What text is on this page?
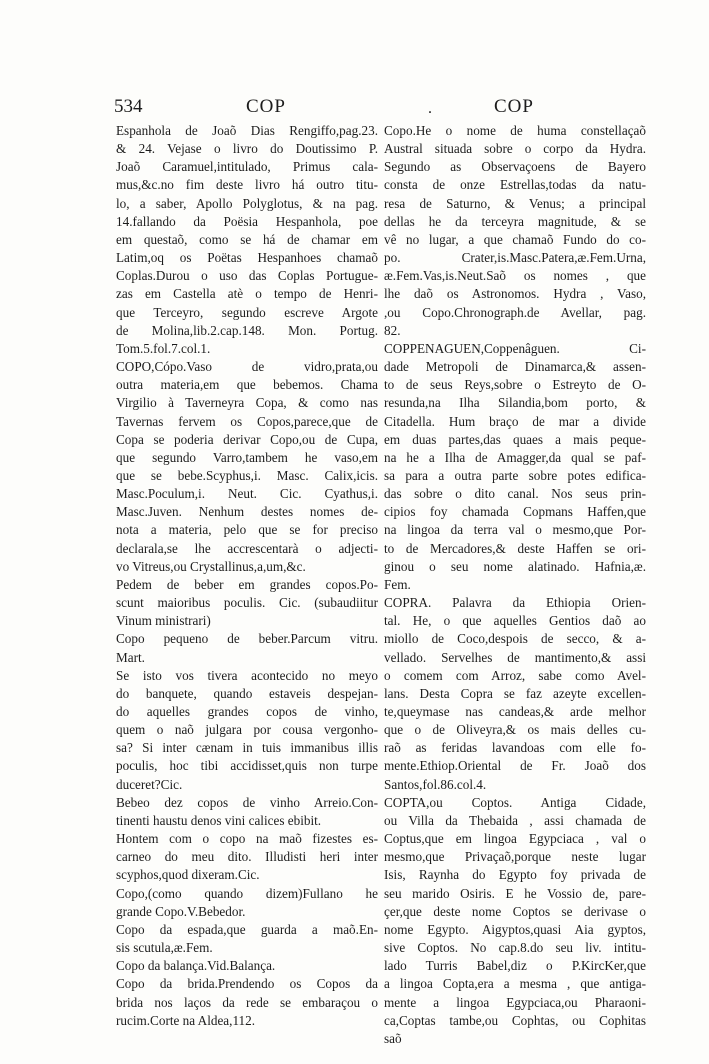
534	COP	.	COP
Espanhola de Joaõ Dias Rengiffo,pag.23.
& 24. Vejase o livro do Doutissimo P.
Joaõ Caramuel,intitulado, Primus cala-
mus,&c.no fim deste livro há outro titu-
lo, a saber, Apollo Polyglotus, & na pag.
14.fallando da Poësia Hespanhola, poe
em questaõ, como se há de chamar em
Latim,oq os Poëtas Hespanhoes chamaõ
Coplas.Durou o uso das Coplas Portugue-
zas em Castella atè o tempo de Henri-
que Terceyro, segundo escreve Argote
de Molina,lib.2.cap.148. Mon. Portug.
Tom.5.fol.7.col.1.
COPO,Cópo.Vaso de vidro,prata,ou
outra materia,em que bebemos. Chama
Virgilio à Taverneyra Copa, & como nas
Tavernas fervem os Copos,parece,que de
Copa se poderia derivar Copo,ou de Cupa,
que segundo Varro,tambem he vaso,em
que se bebe.Scyphus,i. Masc. Calix,icis.
Masc.Poculum,i. Neut. Cic. Cyathus,i.
Masc.Juven. Nenhum destes nomes de-
nota a materia, pelo que se for preciso
declarala,se lhe accrescentarà o adjecti-
vo Vitreus,ou Crystallinus,a,um,&c.
Pedem de beber em grandes copos.Po-
scunt maioribus poculis. Cic. (subaudiitur
Vinum ministrari)
Copo pequeno de beber.Parcum vitru.
Mart.
Se isto vos tivera acontecido no meyo
do banquete, quando estaveis despejan-
do aquelles grandes copos de vinho,
quem o naõ julgara por cousa vergonho-
sa? Si inter cænam in tuis immanibus illis
poculis, hoc tibi accidisset,quis non turpe
duceret?Cic.
Bebeo dez copos de vinho Arreio.Con-
tinenti haustu denos vini calices ebibit.
Hontem com o copo na maõ fizestes es-
carneo do meu dito. Illudisti heri inter
scyphos,quod dixeram.Cic.
Copo,(como quando dizem)Fullano he
grande Copo.V.Bebedor.
Copo da espada,que guarda a maõ.En-
sis scutula,æ.Fem.
Copo da balança.Vid.Balança.
Copo da brida.Prendendo os Copos da
brida nos laços da rede se embaraçou o
rucim.Corte na Aldea,112.
Copo.He o nome de huma constellaçaõ
Austral situada sobre o corpo da Hydra.
Segundo as Observaçoens de Bayero
consta de onze Estrellas,todas da natu-
resa de Saturno, & Venus; a principal
dellas he da terceyra magnitude, & se
vê no lugar, a que chamaõ Fundo do co-
po. Crater,is.Masc.Patera,æ.Fem.Urna,
æ.Fem.Vas,is.Neut.Saõ os nomes , que
lhe daõ os Astronomos. Hydra , Vaso,
,ou Copo.Chronograph.de Avellar, pag.
82.
COPPENAGUEN,Coppenâguen. Ci-
dade Metropoli de Dinamarca,& assen-
to de seus Reys,sobre o Estreyto de O-
resunda,na Ilha Silandia,bom porto, &
Citadella. Hum braço de mar a divide
em duas partes,das quaes a mais peque-
na he a Ilha de Amagger,da qual se paf-
sa para a outra parte sobre potes edifica-
das sobre o dito canal. Nos seus prin-
cipios foy chamada Copmans Haffen,que
na lingoa da terra val o mesmo,que Por-
to de Mercadores,& deste Haffen se ori-
ginou o seu nome alatinado. Hafnia,æ.
Fem.
COPRA. Palavra da Ethiopia Orien-
tal. He, o que aquelles Gentios daõ ao
miollo de Coco,despois de secco, & a-
vellado. Servelhes de mantimento,& assi
o comem com Arroz, sabe como Avel-
lans. Desta Copra se faz azeyte excellen-
te,queymase nas candeas,& arde melhor
que o de Oliveyra,& os mais delles cu-
raõ as feridas lavandoas com elle fo-
mente.Ethiop.Oriental de Fr. Joaõ dos
Santos,fol.86.col.4.
COPTA,ou Coptos. Antiga Cidade,
ou Villa da Thebaida , assi chamada de
Coptus,que em lingoa Egypciaca , val o
mesmo,que Privaçaõ,porque neste lugar
Isis, Raynha do Egypto foy privada de
seu marido Osiris. E he Vossio de, pare-
çer,que deste nome Coptos se derivase o
nome Egypto. Aigyptos,quasi Aia gyptos,
sive Coptos. No cap.8.do seu liv. intitu-
lado Turris Babel,diz o P.KircKer,que
a lingoa Copta,era a mesma , que antiga-
mente a lingoa Egypciaca,ou Pharaoni-
ca,Coptas tambe,ou Cophtas, ou Cophitas
saõ
